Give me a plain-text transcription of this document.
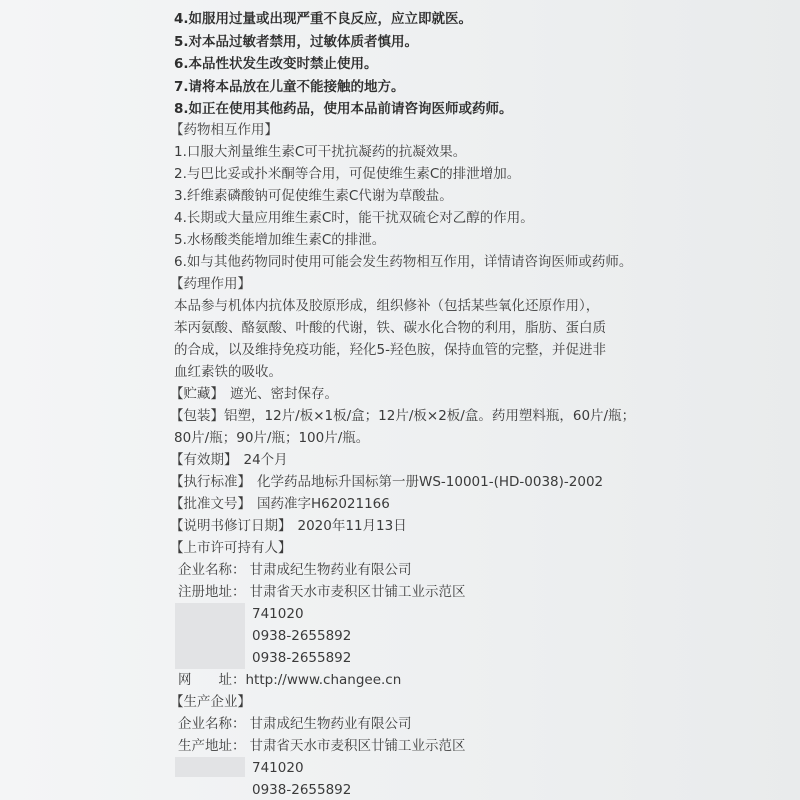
4.如服用过量或出现严重不良反应，应立即就医。
5.对本品过敏者禁用，过敏体质者慎用。
6.本品性状发生改变时禁止使用。
7.请将本品放在儿童不能接触的地方。
8.如正在使用其他药品，使用本品前请咨询医师或药师。
【药物相互作用】
1.口服大剂量维生素C可干扰抗凝药的抗凝效果。
2.与巴比妥或扑米酮等合用，可促使维生素C的排泄增加。
3.纤维素磷酸钠可促使维生素C代谢为草酸盐。
4.长期或大量应用维生素C时，能干扰双硫仑对乙醇的作用。
5.水杨酸类能增加维生素C的排泄。
6.如与其他药物同时使用可能会发生药物相互作用，详情请咨询医师或药师。
【药理作用】
本品参与机体内抗体及胶原形成，组织修补（包括某些氧化还原作用），
苯丙氨酸、酪氨酸、叶酸的代谢，铁、碳水化合物的利用，脂肪、蛋白质
的合成，以及维持免疫功能，羟化5-羟色胺，保持血管的完整，并促进非
血红素铁的吸收。
【贮藏】 遮光、密封保存。
【包装】铝塑，12片/板×1板/盒；12片/板×2板/盒。药用塑料瓶，60片/瓶；
80片/瓶；90片/瓶；100片/瓶。
【有效期】 24个月
【执行标准】 化学药品地标升国标第一册WS-10001-(HD-0038)-2002
【批准文号】 国药准字H62021166
【说明书修订日期】 2020年11月13日
【上市许可持有人】
企业名称： 甘肃成纪生物药业有限公司
注册地址： 甘肃省天水市麦积区廿铺工业示范区
741020
0938-2655892
0938-2655892
网　　址：http://www.changee.cn
【生产企业】
企业名称： 甘肃成纪生物药业有限公司
生产地址： 甘肃省天水市麦积区廿铺工业示范区
741020
0938-2655892
